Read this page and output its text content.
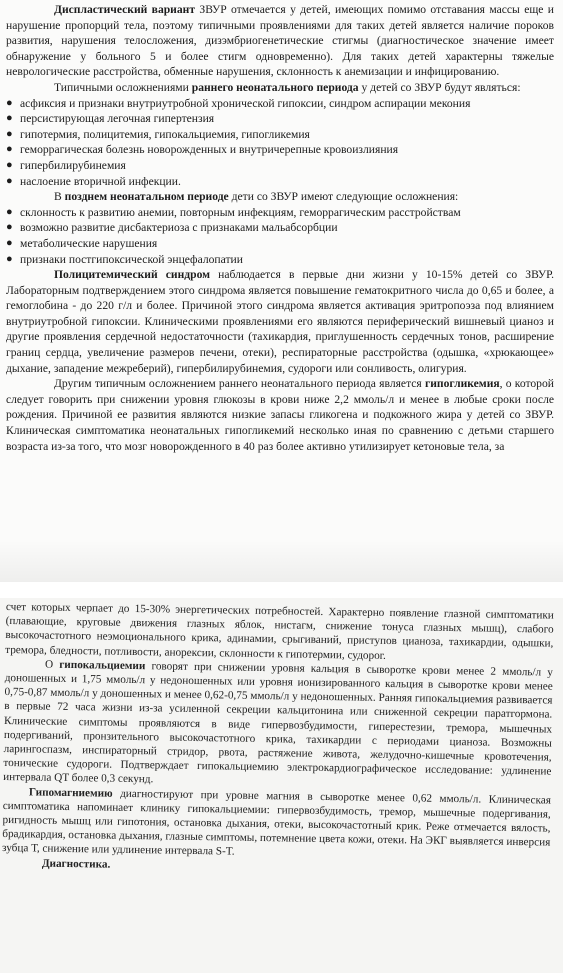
Диспластический вариант ЗВУР отмечается у детей, имеющих помимо отставания массы еще и нарушение пропорций тела, поэтому типичными проявлениями для таких детей является наличие пороков развития, нарушения телосложения, дизэмбриогенетические стигмы (диагностическое значение имеет обнаружение у больного 5 и более стигм одновременно). Для таких детей характерны тяжелые неврологические расстройства, обменные нарушения, склонность к анемизации и инфицированию.

Типичными осложнениями раннего неонатального периода у детей со ЗВУР будут являться:

● асфиксия и признаки внутриутробной хронической гипоксии, синдром аспирации мекония
● персистирующая легочная гипертензия
● гипотермия, полицитемия, гипокальциемия, гипогликемия
● геморрагическая болезнь новорожденных и внутричерепные кровоизлияния
● гипербилирубинемия
● наслоение вторичной инфекции.

В позднем неонатальном периоде дети со ЗВУР имеют следующие осложнения:

● склонность к развитию анемии, повторным инфекциям, геморрагическим расстройствам
● возможно развитие дисбактериоза с признаками мальабсорбции
● метаболические нарушения
● признаки постгипоксической энцефалопатии

Полицитемический синдром наблюдается в первые дни жизни у 10-15% детей со ЗВУР. Лабораторным подтверждением этого синдрома является повышение гематокритного числа до 0,65 и более, а гемоглобина - до 220 г/л и более. Причиной этого синдрома является активация эритропоэза под влиянием внутриутробной гипоксии. Клиническими проявлениями его являются периферический вишневый цианоз и другие проявления сердечной недостаточности (тахикардия, приглушенность сердечных тонов, расширение границ сердца, увеличение размеров печени, отеки), респираторные расстройства (одышка, «хрюкающее» дыхание, западение межреберий), гипербилирубинемия, судороги или сонливость, олигурия.

Другим типичным осложнением раннего неонатального периода является гипогликемия, о которой следует говорить при снижении уровня глюкозы в крови ниже 2,2 ммоль/л и менее в любые сроки после рождения. Причиной ее развития являются низкие запасы гликогена и подкожного жира у детей со ЗВУР. Клиническая симптоматика неонатальных гипогликемий несколько иная по сравнению с детьми старшего возраста из-за того, что мозг новорожденного в 40 раз более активно утилизирует кетоновые тела, за

счет которых черпает до 15-30% энергетических потребностей. Характерно появление глазной симптоматики (плавающие, круговые движения глазных яблок, нистагм, снижение тонуса глазных мышц), слабого высокочастотного неэмоционального крика, адинамии, срыгиваний, приступов цианоза, тахикардии, одышки, тремора, бледности, потливости, анорексии, склонности к гипотермии, судорог.

О гипокальциемии говорят при снижении уровня кальция в сыворотке крови менее 2 ммоль/л у доношенных и 1,75 ммоль/л у недоношенных или уровня ионизированного кальция в сыворотке крови менее 0,75-0,87 ммоль/л у доношенных и менее 0,62-0,75 ммоль/л у недоношенных. Ранняя гипокальциемия развивается в первые 72 часа жизни из-за усиленной секреции кальцитонина или сниженной секреции паратгормона. Клинические симптомы проявляются в виде гипервозбудимости, гиперестезии, тремора, мышечных подергиваний, пронзительного высокочастотного крика, тахикардии с периодами цианоза. Возможны ларингоспазм, инспираторный стридор, рвота, растяжение живота, желудочно-кишечные кровотечения, тонические судороги. Подтверждает гипокальциемию электрокардиографическое исследование: удлинение интервала QT более 0,3 секунд.

Гипомагниемию диагностируют при уровне магния в сыворотке менее 0,62 ммоль/л. Клиническая симптоматика напоминает клинику гипокальциемии: гипервозбудимость, тремор, мышечные подергивания, ригидность мышц или гипотония, остановка дыхания, отеки, высокочастотный крик. Реже отмечается вялость, брадикардия, остановка дыхания, глазные симптомы, потемнение цвета кожи, отеки. На ЭКГ выявляется инверсия зубца Т, снижение или удлинение интервала S-T.

Диагностика.
